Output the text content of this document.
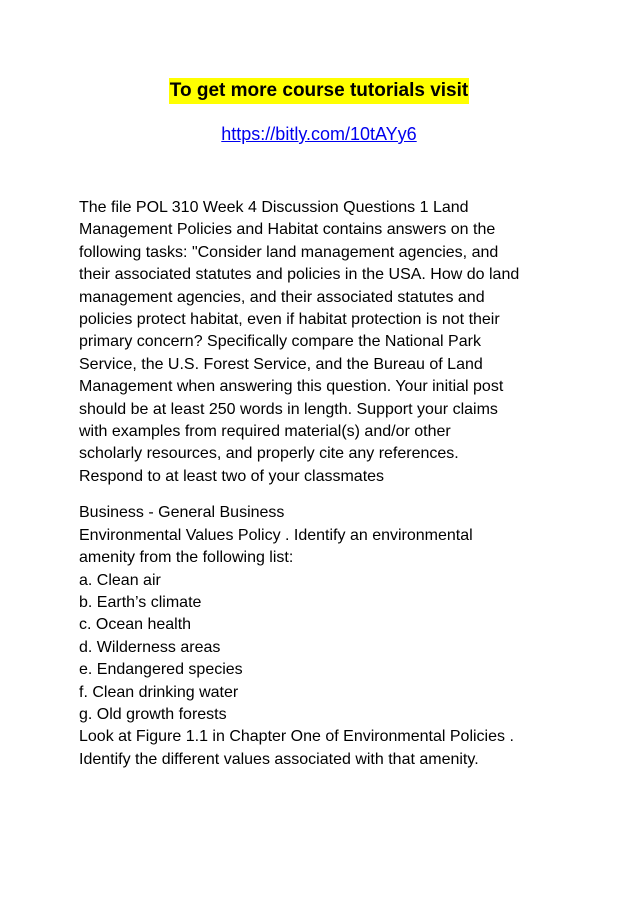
To get more course tutorials visit
https://bitly.com/10tAYy6

The file POL 310 Week 4 Discussion Questions 1 Land
Management Policies and Habitat contains answers on the
following tasks: "Consider land management agencies, and
their associated statutes and policies in the USA. How do land
management agencies, and their associated statutes and
policies protect habitat, even if habitat protection is not their
primary concern? Specifically compare the National Park
Service, the U.S. Forest Service, and the Bureau of Land
Management when answering this question. Your initial post
should be at least 250 words in length. Support your claims
with examples from required material(s) and/or other
scholarly resources, and properly cite any references.
Respond to at least two of your classmates

Business - General Business
Environmental Values Policy . Identify an environmental
amenity from the following list:
a. Clean air
b. Earth’s climate
c. Ocean health
d. Wilderness areas
e. Endangered species
f. Clean drinking water
g. Old growth forests
Look at Figure 1.1 in Chapter One of Environmental Policies .
Identify the different values associated with that amenity.
